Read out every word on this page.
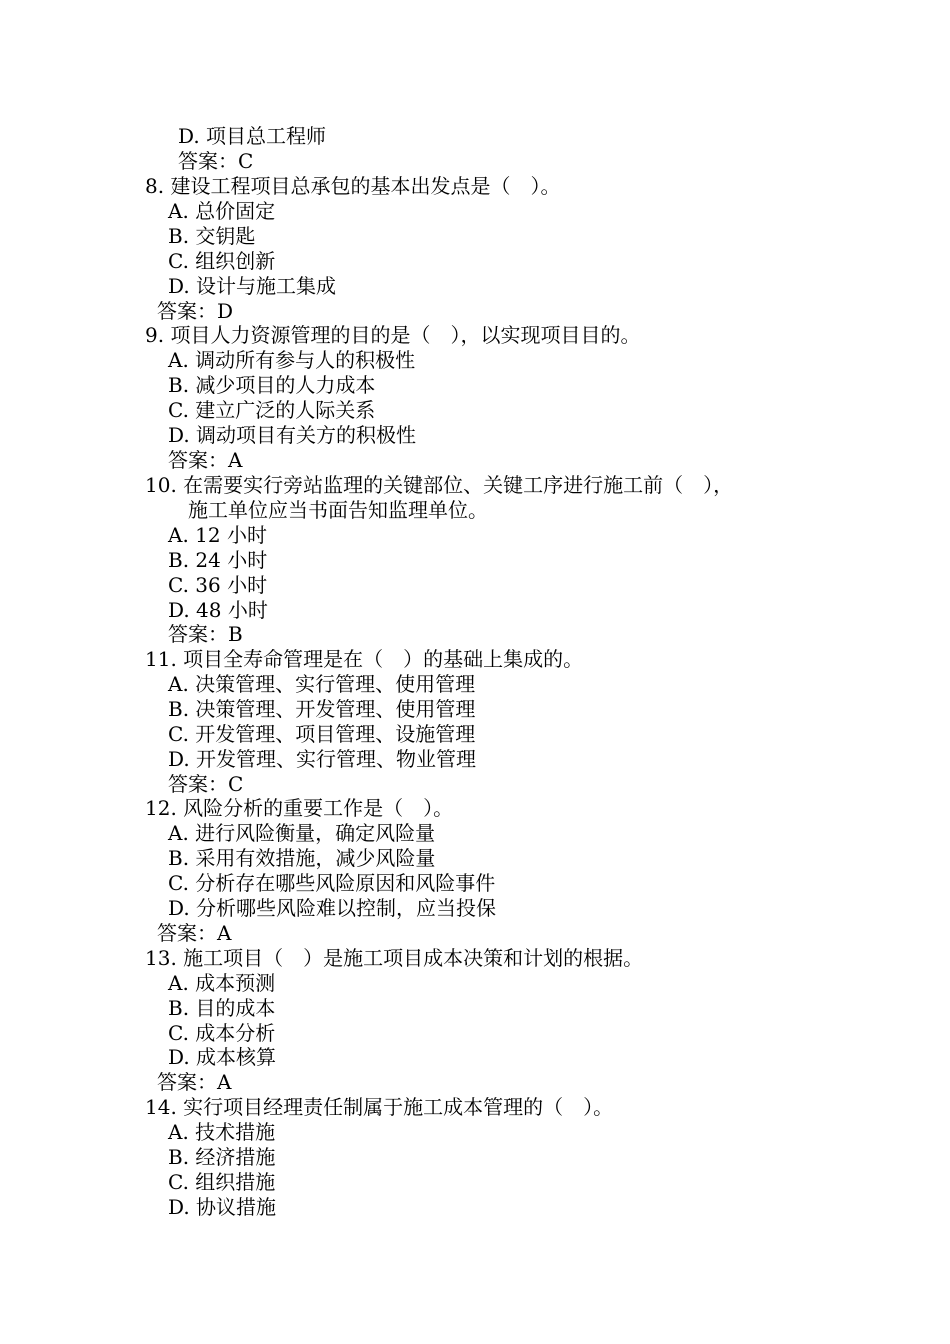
D. 项目总工程师
答案：C
8. 建设工程项目总承包的基本出发点是（　）。
A. 总价固定
B. 交钥匙
C. 组织创新
D. 设计与施工集成
答案：D
9. 项目人力资源管理的目的是（　），以实现项目目的。
A. 调动所有参与人的积极性
B. 减少项目的人力成本
C. 建立广泛的人际关系
D. 调动项目有关方的积极性
答案：A
10. 在需要实行旁站监理的关键部位、关键工序进行施工前（　），
施工单位应当书面告知监理单位。
A. 12 小时
B. 24 小时
C. 36 小时
D. 48 小时
答案：B
11. 项目全寿命管理是在（　）的基础上集成的。
A. 决策管理、实行管理、使用管理
B. 决策管理、开发管理、使用管理
C. 开发管理、项目管理、设施管理
D. 开发管理、实行管理、物业管理
答案：C
12. 风险分析的重要工作是（　）。
A. 进行风险衡量，确定风险量
B. 采用有效措施，减少风险量
C. 分析存在哪些风险原因和风险事件
D. 分析哪些风险难以控制，应当投保
答案：A
13. 施工项目（　）是施工项目成本决策和计划的根据。
A. 成本预测
B. 目的成本
C. 成本分析
D. 成本核算
答案：A
14. 实行项目经理责任制属于施工成本管理的（　）。
A. 技术措施
B. 经济措施
C. 组织措施
D. 协议措施
